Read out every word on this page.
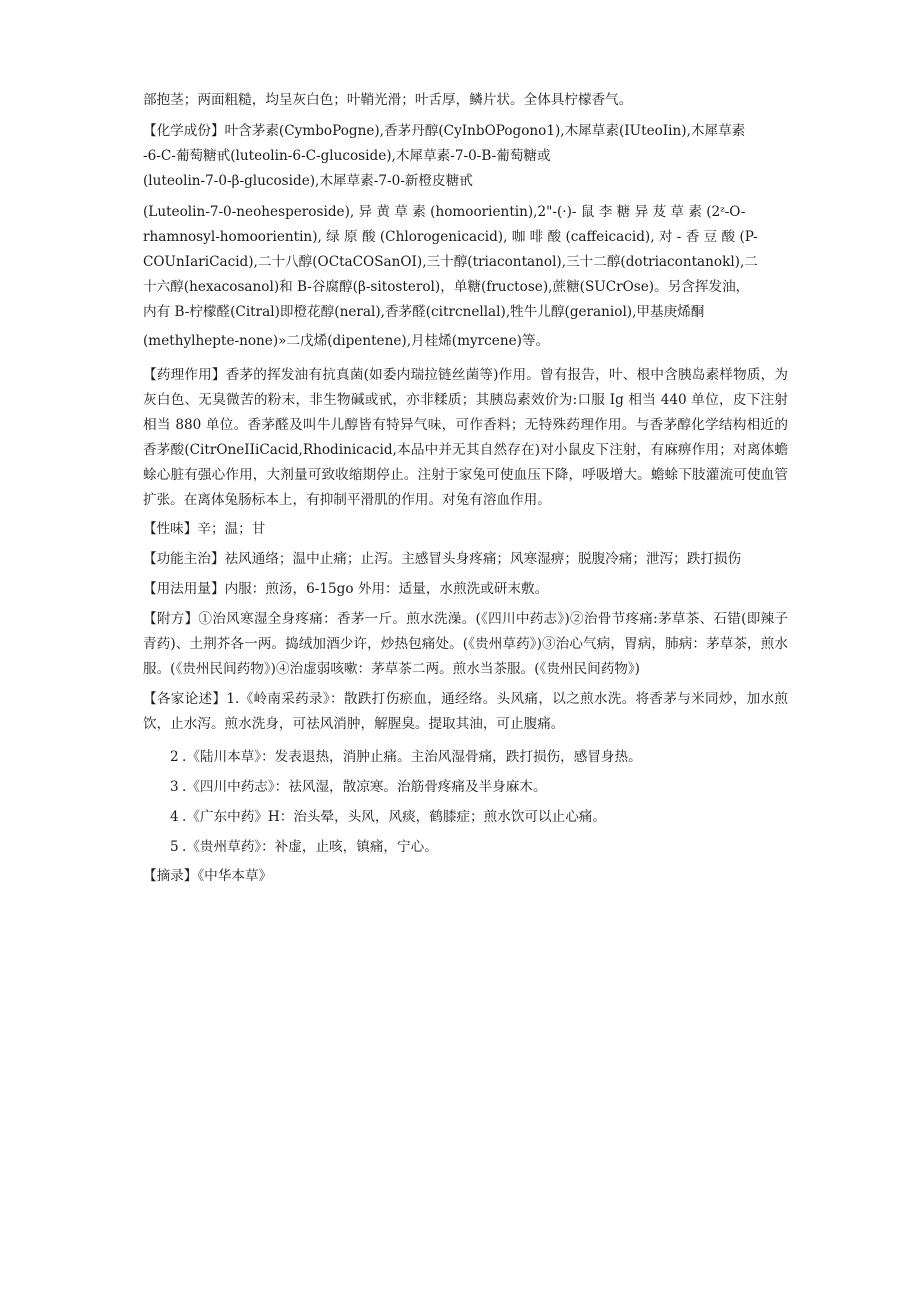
部抱茎；两面粗糙，均呈灰白色；叶鞘光滑；叶舌厚，鳞片状。全体具柠檬香气。

【化学成份】叶含茅素(CymboPogne),香茅丹醇(CyInbOPogono1),木犀草素(IUteoIin),木犀草素
-6-C-葡萄糖甙(luteolin-6-C-glucoside),木犀草素-7-0-B-葡萄糖或
(luteolin-7-0-β-glucoside),木犀草素-7-0-新橙皮糖甙
(Luteolin-7-0-neohesperoside), 异 黄 草 素 (homoorientin),2"-(·)- 鼠 李 糖 异 芨 草 素 (2ᶻ-O-
rhamnosyl-homoorientin), 绿 原 酸 (Chlorogenicacid), 咖 啡 酸 (caffeicacid), 对 - 香 豆 酸 (P-
COUnIariCacid),二十八醇(OCtaCOSanOI),三十醇(triacontanol),三十二醇(dotriacontanokl),二
十六醇(hexacosanol)和 B-谷腐醇(β-sitosterol)，单糖(fructose),蔗糖(SUCrOse)。另含挥发油，
内有 B-柠檬醛(Citral)即橙花醇(neral),香茅醛(citrcnellal),牲牛儿醇(geraniol),甲基庚烯酮
(methylhepte-none)»二戊烯(dipentene),月桂烯(myrcene)等。

【药理作用】香茅的挥发油有抗真菌(如委内瑞拉链丝菌等)作用。曾有报告，叶、根中含胰岛素样物质，为灰白色、无臭微苦的粉末，非生物碱或甙，亦非糅质；其胰岛素效价为:口服 Ig 相当 440 单位，皮下注射相当 880 单位。香茅醛及叫牛儿醇皆有特异气味，可作香料；无特殊药理作用。与香茅醇化学结构相近的香茅酸(CitrOneIIiCacid,Rhodinicacid,本品中并无其自然存在)对小鼠皮下注射，有麻痹作用；对离体蟾蜍心脏有强心作用，大剂量可致收缩期停止。注射于家兔可使血压下降，呼吸增大。蟾蜍下肢灌流可使血管扩张。在离体兔肠标本上，有抑制平滑肌的作用。对兔有溶血作用。

【性味】辛；温；甘

【功能主治】祛风通络；温中止痛；止泻。主感冒头身疼痛；风寒湿痹；脱腹冷痛；泄泻；跌打损伤

【用法用量】内服：煎汤，6-15go 外用：适量，水煎洗或研末敷。

【附方】①治风寒湿全身疼痛：香茅一斤。煎水洗澡。(《四川中药志》)②治骨节疼痛:茅草茶、石错(即辣子青药)、土荆芥各一两。捣绒加酒少许，炒热包痛处。(《贵州草药》)③治心气病，胃病，肺病：茅草茶，煎水服。(《贵州民间药物》)④治虚弱咳嗽：茅草茶二两。煎水当茶服。(《贵州民间药物》)

【各家论述】1.《岭南采药录》：散跌打伤瘀血，通经络。头风痛，以之煎水洗。将香茅与米同炒，加水煎饮，止水泻。煎水洗身，可祛风消肿，解腥臭。提取其油，可止腹痛。

2 .《陆川本草》：发表退热，消肿止痛。主治风湿骨痛，跌打损伤，感冒身热。
3 .《四川中药志》：祛风湿，散凉寒。治筋骨疼痛及半身麻木。
4 .《广东中药》H：治头晕，头风，风痰，鹤膝症；煎水饮可以止心痛。
5 .《贵州草药》：补虚，止咳，镇痛，宁心。

【摘录】《中华本草》
